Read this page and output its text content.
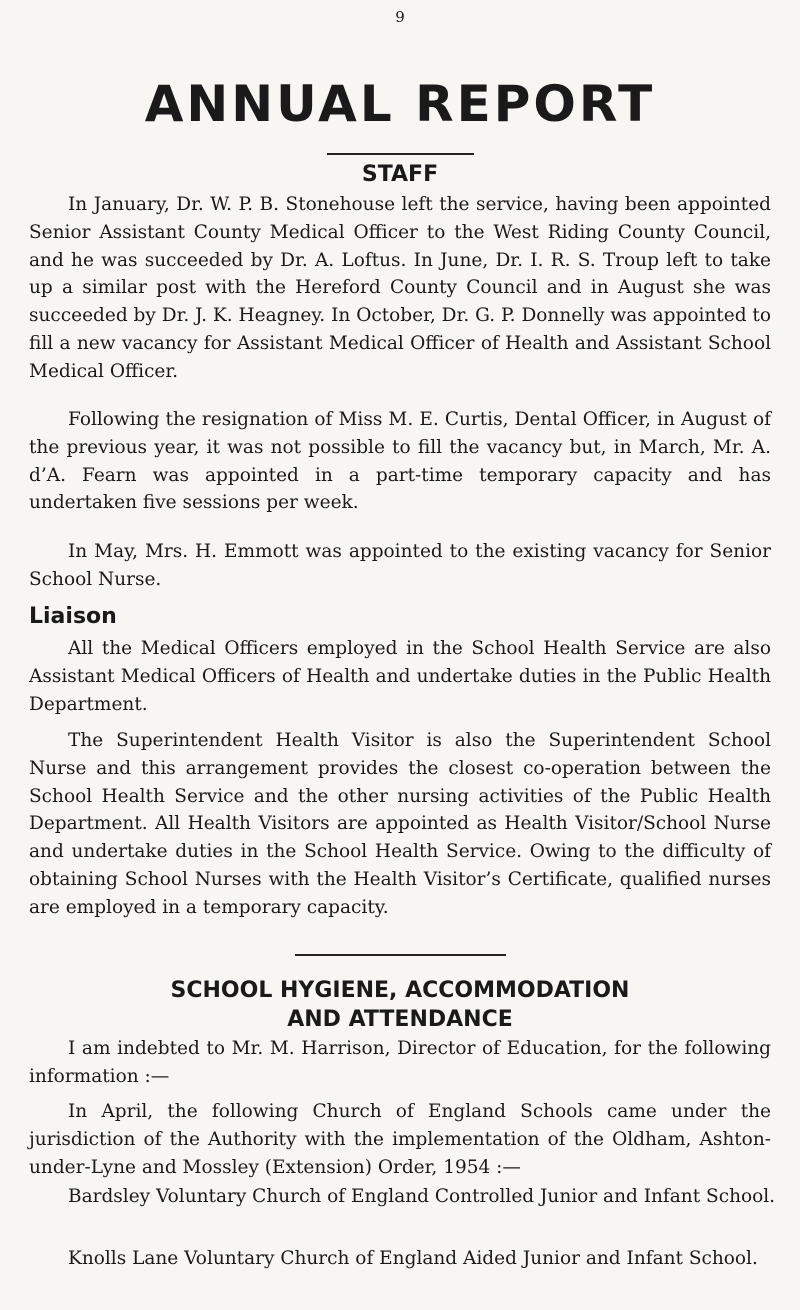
9
ANNUAL REPORT
STAFF

In January, Dr. W. P. B. Stonehouse left the service, having been appointed Senior Assistant County Medical Officer to the West Riding County Council, and he was succeeded by Dr. A. Loftus. In June, Dr. I. R. S. Troup left to take up a similar post with the Hereford County Council and in August she was succeeded by Dr. J. K. Heagney. In October, Dr. G. P. Donnelly was appointed to fill a new vacancy for Assistant Medical Officer of Health and Assistant School Medical Officer.

Following the resignation of Miss M. E. Curtis, Dental Officer, in August of the previous year, it was not possible to fill the vacancy but, in March, Mr. A. d’A. Fearn was appointed in a part-time temporary capacity and has undertaken five sessions per week.

In May, Mrs. H. Emmott was appointed to the existing vacancy for Senior School Nurse.

Liaison

All the Medical Officers employed in the School Health Service are also Assistant Medical Officers of Health and undertake duties in the Public Health Department.

The Superintendent Health Visitor is also the Superintendent School Nurse and this arrangement provides the closest co-operation between the School Health Service and the other nursing activities of the Public Health Department. All Health Visitors are appointed as Health Visitor/School Nurse and undertake duties in the School Health Service. Owing to the difficulty of obtaining School Nurses with the Health Visitor’s Certificate, qualified nurses are employed in a temporary capacity.

SCHOOL HYGIENE, ACCOMMODATION
AND ATTENDANCE

I am indebted to Mr. M. Harrison, Director of Education, for the following information :—

In April, the following Church of England Schools came under the jurisdiction of the Authority with the implementation of the Oldham, Ashton-under-Lyne and Mossley (Extension) Order, 1954 :—

Bardsley Voluntary Church of England Controlled Junior and Infant School.

Knolls Lane Voluntary Church of England Aided Junior and Infant School.
